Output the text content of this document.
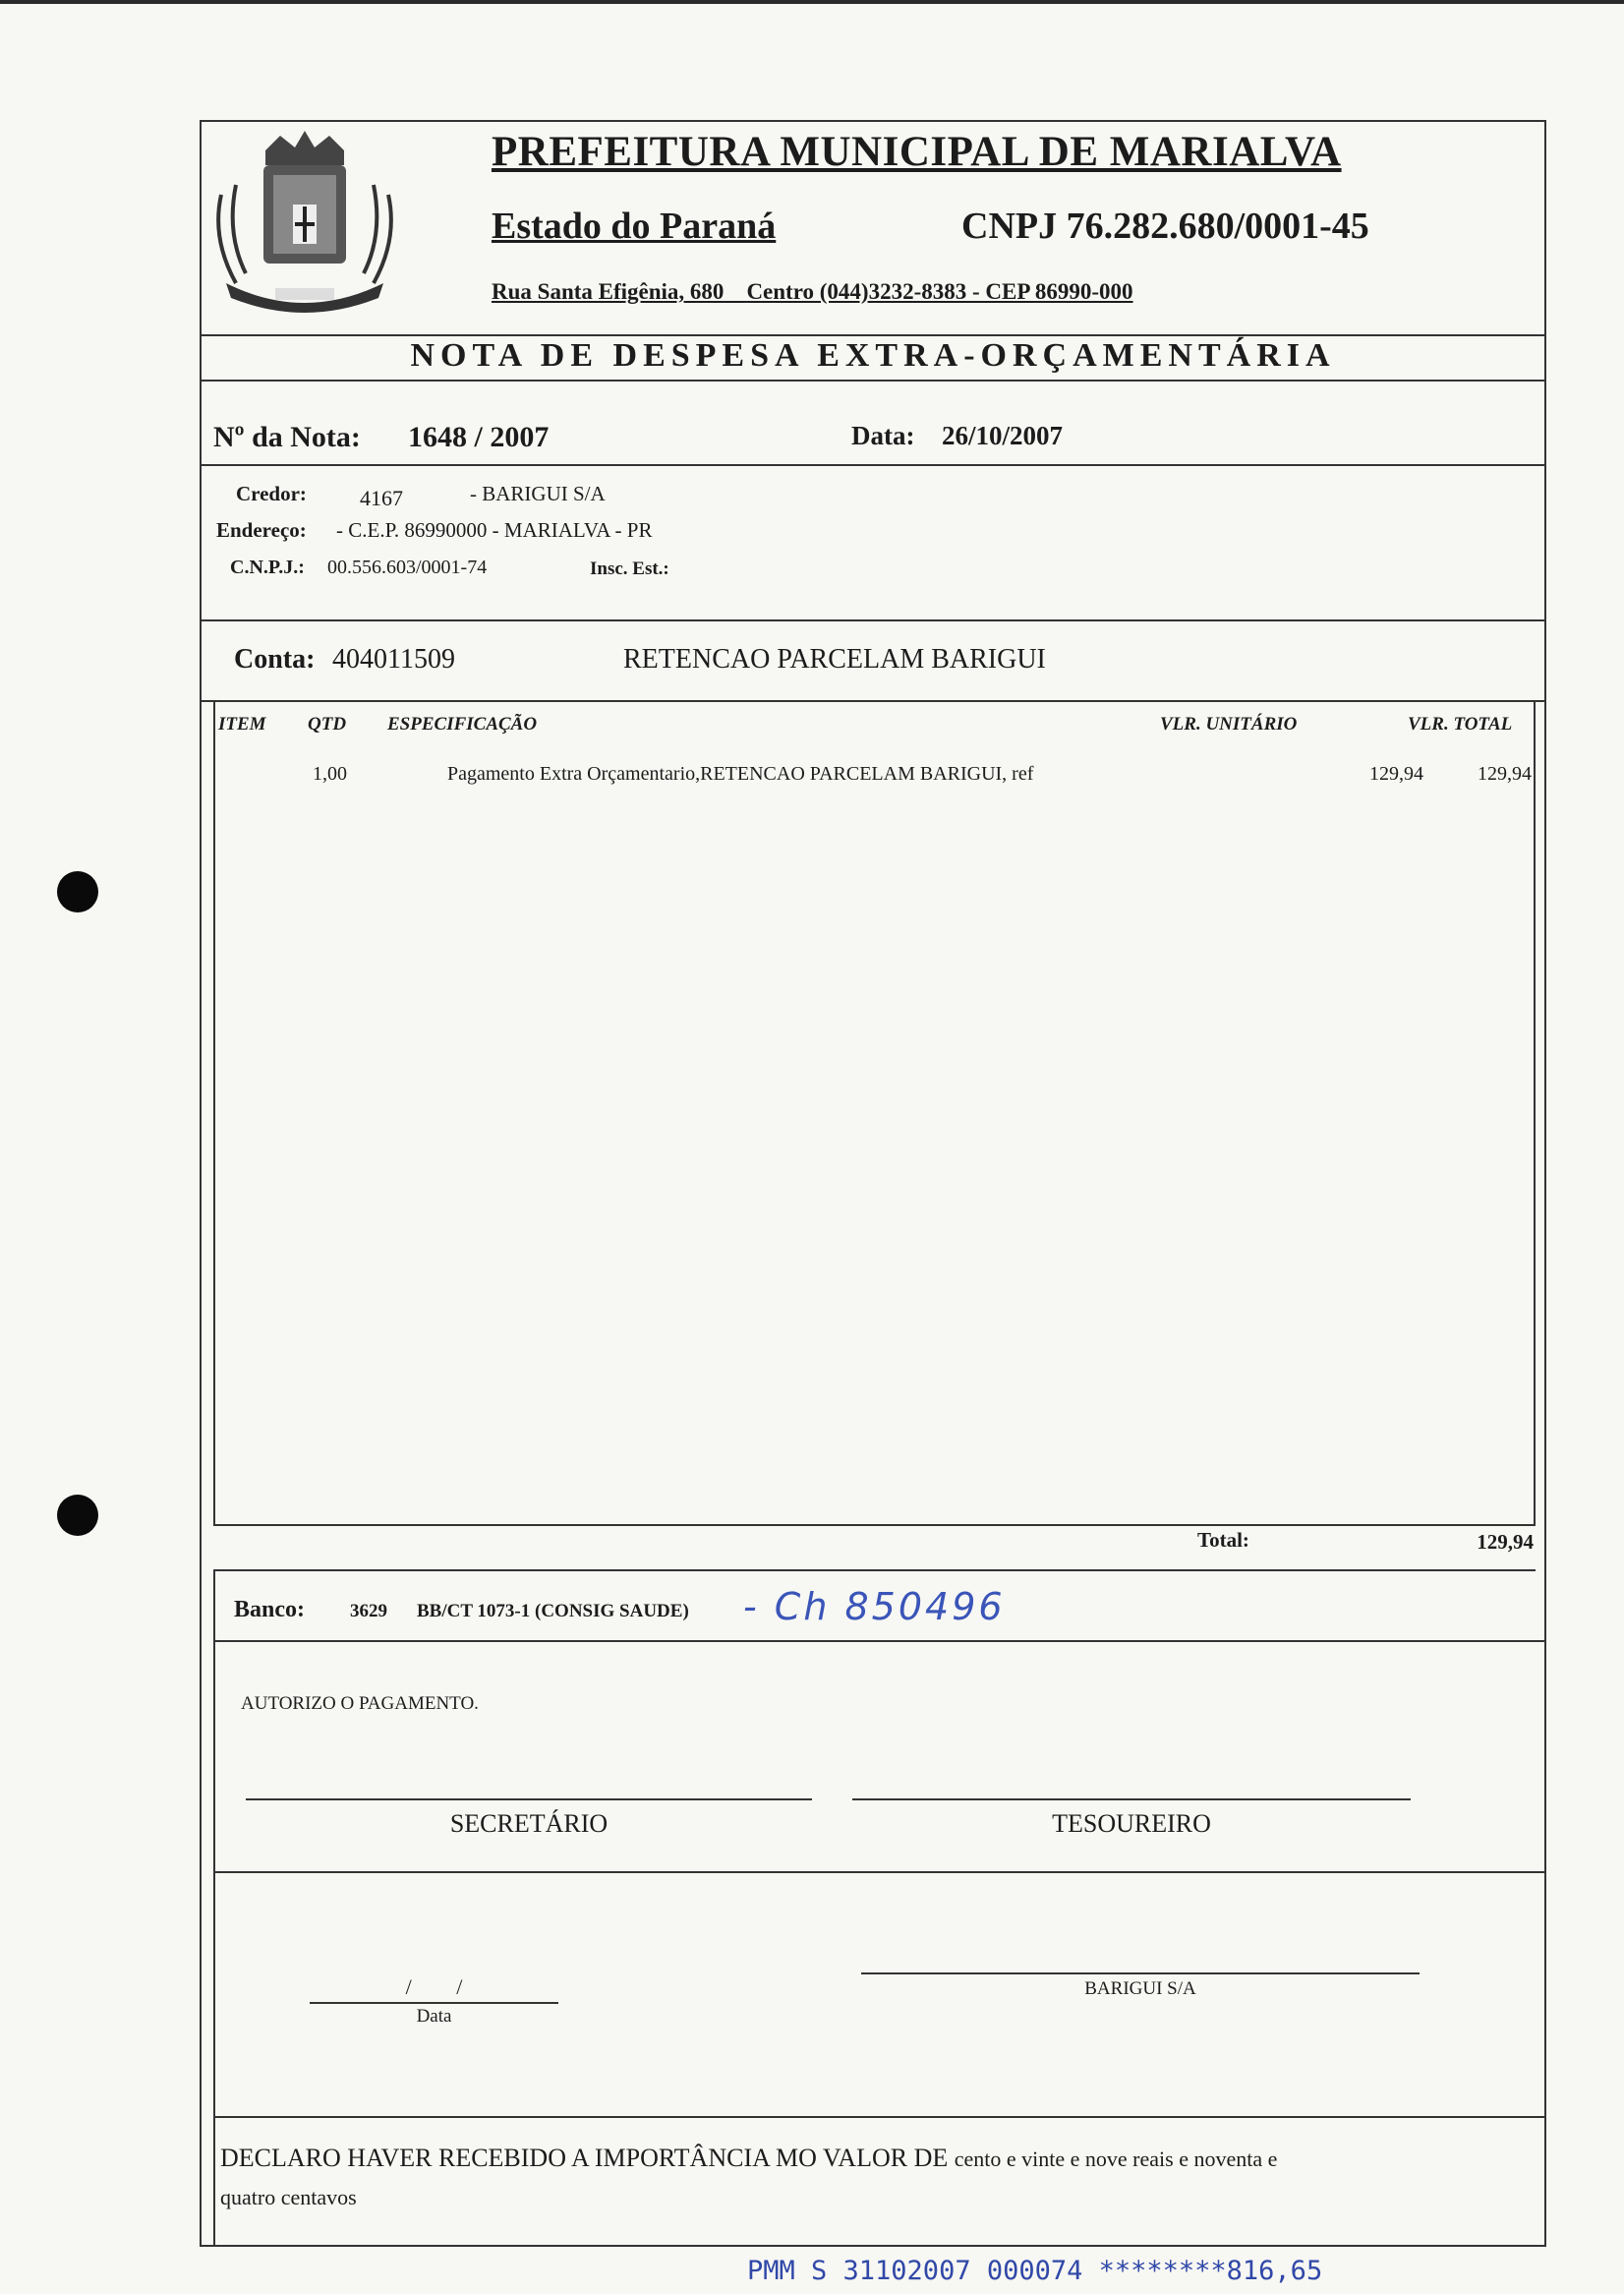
PREFEITURA MUNICIPAL DE MARIALVA
Estado do Paraná	CNPJ 76.282.680/0001-45
Rua Santa Efigênia, 680 Centro (044)3232-8383 - CEP 86990-000
NOTA DE DESPESA EXTRA-ORÇAMENTÁRIA
Nº da Nota: 1648 / 2007	Data: 26/10/2007
Credor: 4167	- BARIGUI S/A
Endereço: - C.E.P. 86990000 - MARIALVA - PR
C.N.P.J.: 00.556.603/0001-74	Insc. Est.:
Conta: 404011509	RETENCAO PARCELAM BARIGUI
ITEM QTD ESPECIFICAÇÃO	VLR. UNITÁRIO	VLR. TOTAL
1,00	Pagamento Extra Orçamentario,RETENCAO PARCELAM BARIGUI, ref	129,94	129,94
Total:	129,94
Banco: 3629 BB/CT 1073-1 (CONSIG SAUDE) - Ch 850496
AUTORIZO O PAGAMENTO.
SECRETÁRIO	TESOUREIRO
/ /
Data
BARIGUI S/A
DECLARO HAVER RECEBIDO A IMPORTÂNCIA MO VALOR DE cento e vinte e nove reais e noventa e
quatro centavos
PMM S 31102007 000074 ********816,65
